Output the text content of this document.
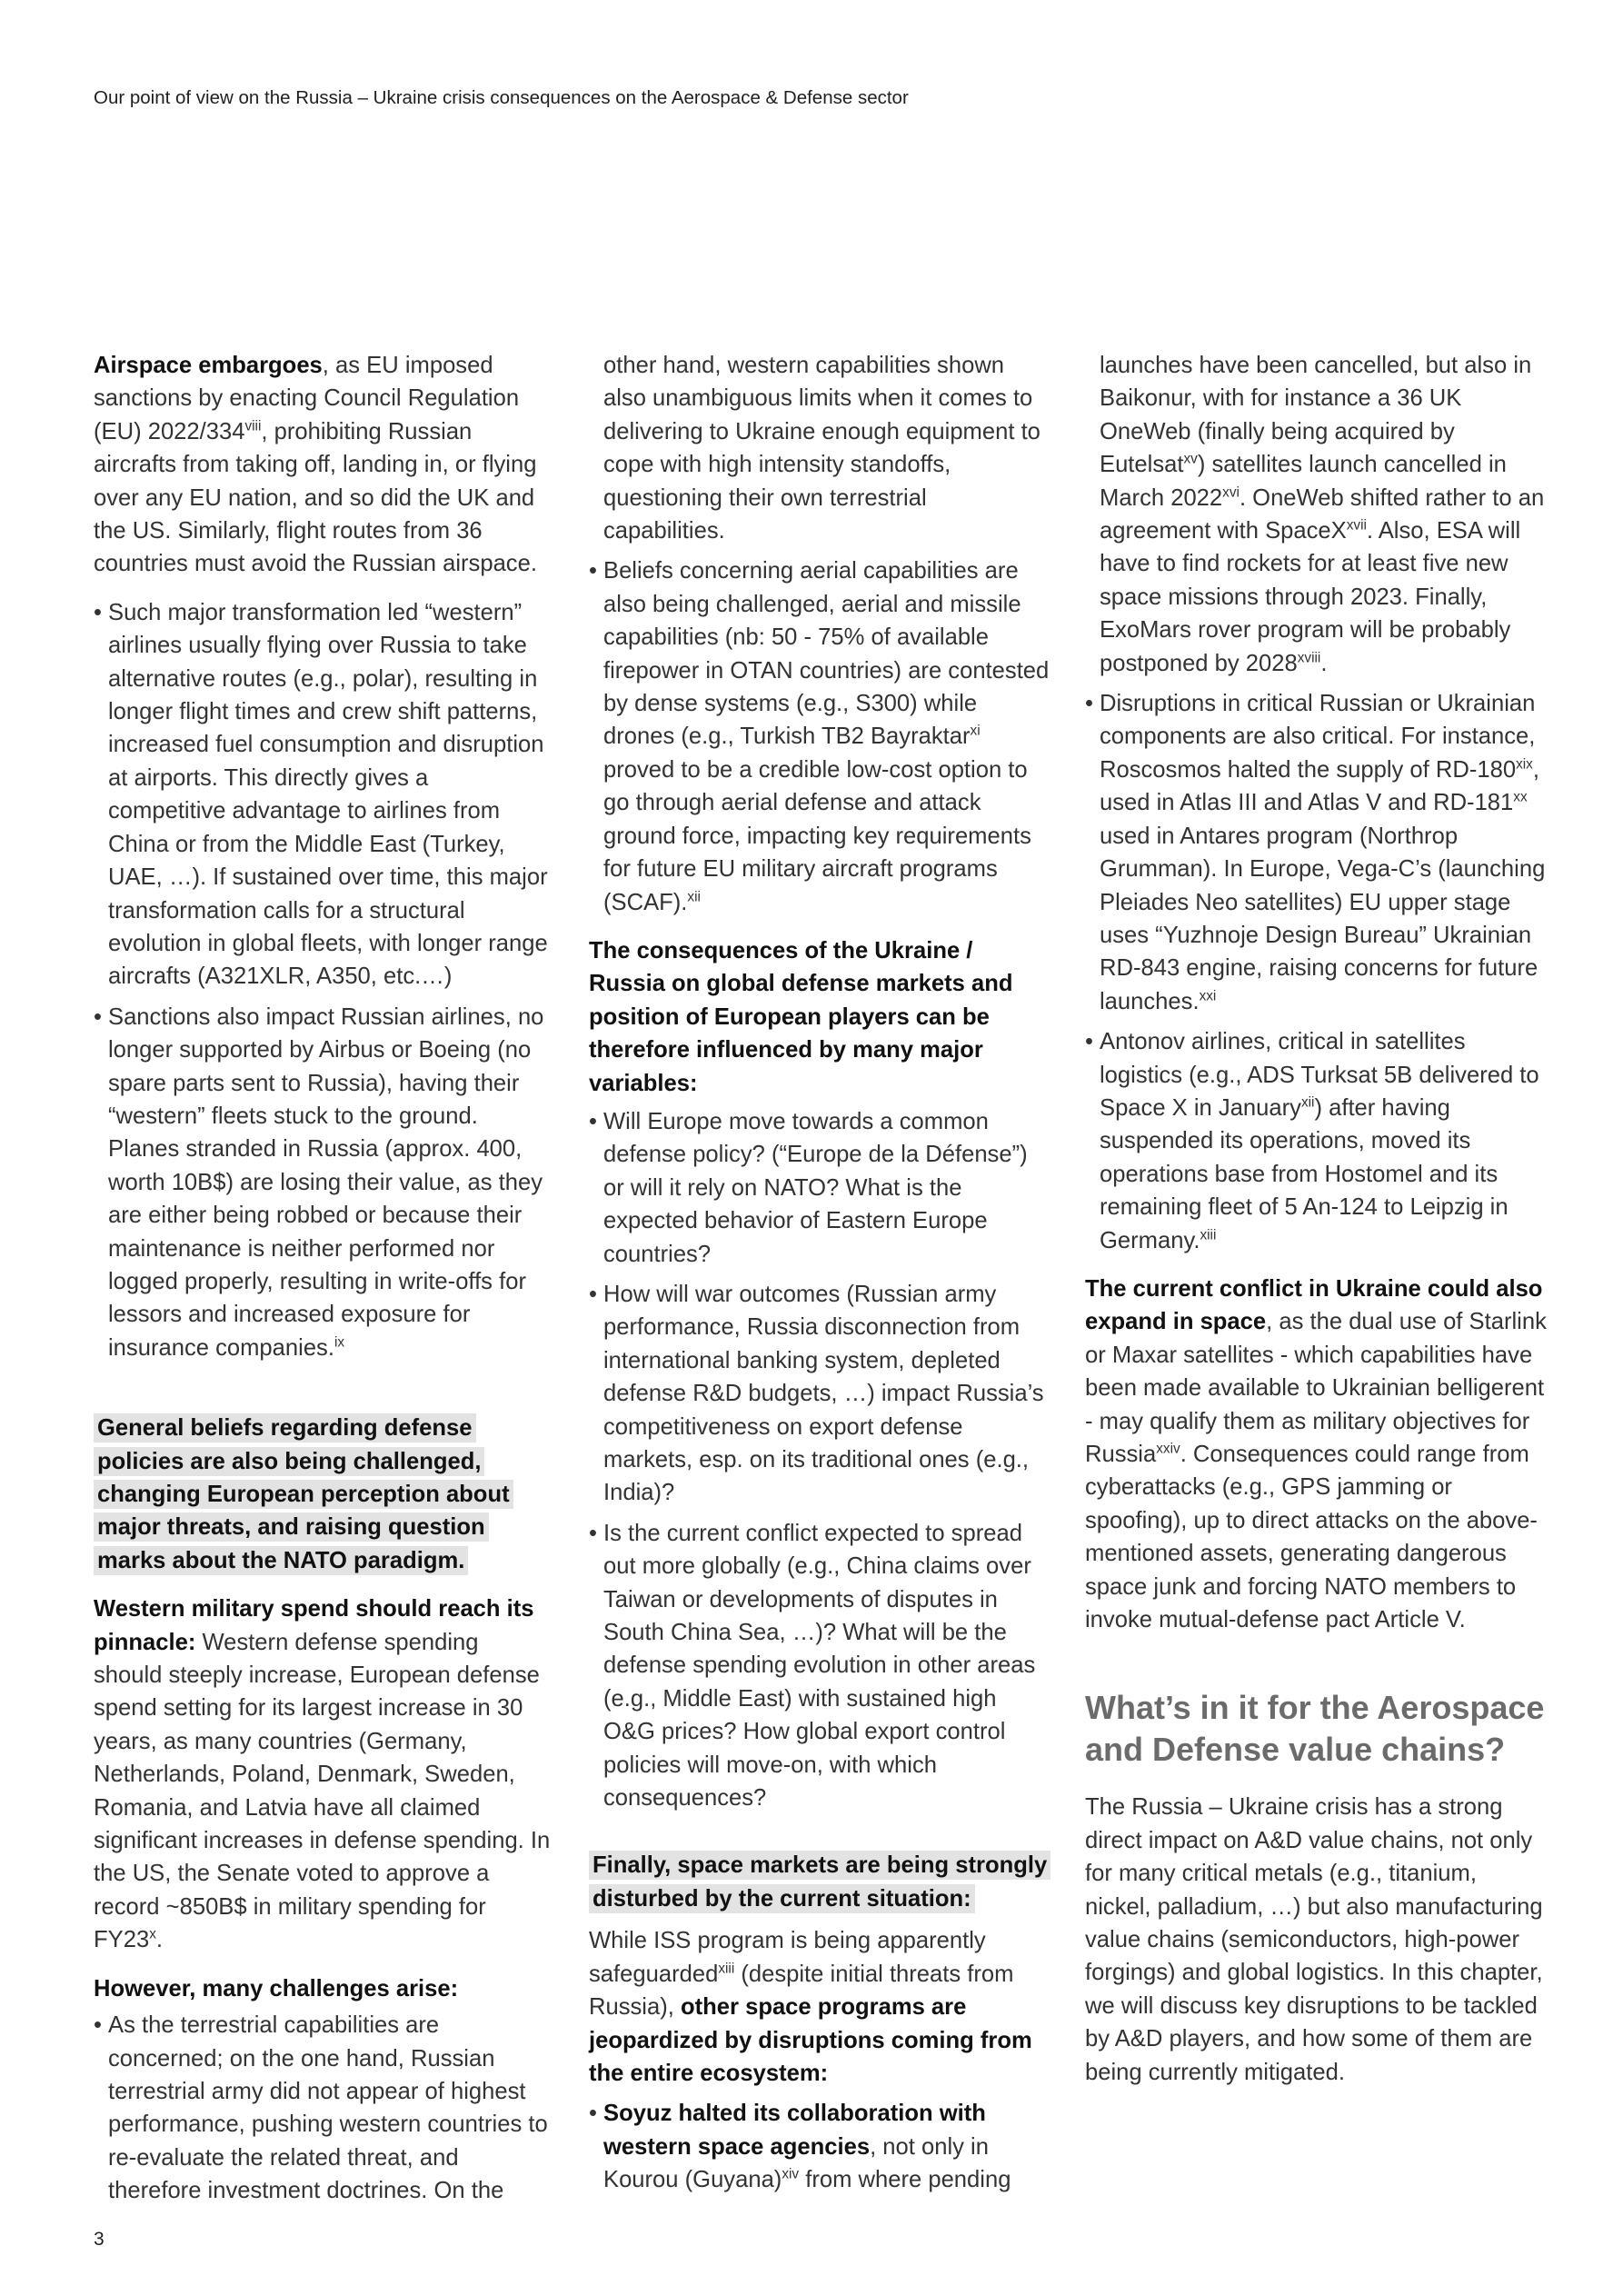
Our point of view on the Russia – Ukraine crisis consequences on the Aerospace & Defense sector

Airspace embargoes, as EU imposed sanctions by enacting Council Regulation (EU) 2022/334$^{viii}$, prohibiting Russian aircrafts from taking off, landing in, or flying over any EU nation, and so did the UK and the US. Similarly, flight routes from 36 countries must avoid the Russian airspace.

• Such major transformation led “western” airlines usually flying over Russia to take alternative routes (e.g., polar), resulting in longer flight times and crew shift patterns, increased fuel consumption and disruption at airports. This directly gives a competitive advantage to airlines from China or from the Middle East (Turkey, UAE, …). If sustained over time, this major transformation calls for a structural evolution in global fleets, with longer range aircrafts (A321XLR, A350, etc.…)
• Sanctions also impact Russian airlines, no longer supported by Airbus or Boeing (no spare parts sent to Russia), having their “western” fleets stuck to the ground. Planes stranded in Russia (approx. 400, worth 10B$) are losing their value, as they are either being robbed or because their maintenance is neither performed nor logged properly, resulting in write-offs for lessors and increased exposure for insurance companies.$^{ix}$

General beliefs regarding defense policies are also being challenged, changing European perception about major threats, and raising question marks about the NATO paradigm.

Western military spend should reach its pinnacle: Western defense spending should steeply increase, European defense spend setting for its largest increase in 30 years, as many countries (Germany, Netherlands, Poland, Denmark, Sweden, Romania, and Latvia have all claimed significant increases in defense spending. In the US, the Senate voted to approve a record ~850B$ in military spending for FY23$^x$.

However, many challenges arise:

• As the terrestrial capabilities are concerned; on the one hand, Russian terrestrial army did not appear of highest performance, pushing western countries to re-evaluate the related threat, and therefore investment doctrines. On the
other hand, western capabilities shown also unambiguous limits when it comes to delivering to Ukraine enough equipment to cope with high intensity standoffs, questioning their own terrestrial capabilities.
• Beliefs concerning aerial capabilities are also being challenged, aerial and missile capabilities (nb: 50 - 75% of available firepower in OTAN countries) are contested by dense systems (e.g., S300) while drones (e.g., Turkish TB2 Bayraktar$^{xi}$ proved to be a credible low-cost option to go through aerial defense and attack ground force, impacting key requirements for future EU military aircraft programs (SCAF).$^{xii}$

The consequences of the Ukraine / Russia on global defense markets and position of European players can be therefore influenced by many major variables:

• Will Europe move towards a common defense policy? (“Europe de la Défense”) or will it rely on NATO? What is the expected behavior of Eastern Europe countries?
• How will war outcomes (Russian army performance, Russia disconnection from international banking system, depleted defense R&D budgets, …) impact Russia’s competitiveness on export defense markets, esp. on its traditional ones (e.g., India)?
• Is the current conflict expected to spread out more globally (e.g., China claims over Taiwan or developments of disputes in South China Sea, …)? What will be the defense spending evolution in other areas (e.g., Middle East) with sustained high O&G prices? How global export control policies will move-on, with which consequences?

Finally, space markets are being strongly disturbed by the current situation:

While ISS program is being apparently safeguarded$^{xiii}$ (despite initial threats from Russia), other space programs are jeopardized by disruptions coming from the entire ecosystem:

• Soyuz halted its collaboration with western space agencies, not only in Kourou (Guyana)$^{xiv}$ from where pending
launches have been cancelled, but also in Baikonur, with for instance a 36 UK OneWeb (finally being acquired by Eutelsat$^{xv}$) satellites launch cancelled in March 2022$^{xvi}$. OneWeb shifted rather to an agreement with SpaceX$^{xvii}$. Also, ESA will have to find rockets for at least five new space missions through 2023. Finally, ExoMars rover program will be probably postponed by $2028^{xviii}$.
• Disruptions in critical Russian or Ukrainian components are also critical. For instance, Roscosmos halted the supply of RD-180$^{xix}$, used in Atlas III and Atlas V and RD-181$^{xx}$ used in Antares program (Northrop Grumman). In Europe, Vega-C’s (launching Pleiades Neo satellites) EU upper stage uses “Yuzhnoje Design Bureau” Ukrainian RD-843 engine, raising concerns for future launches.$^{xxi}$
• Antonov airlines, critical in satellites logistics (e.g., ADS Turksat 5B delivered to Space X in January$^{xii}$) after having suspended its operations, moved its operations base from Hostomel and its remaining fleet of 5 An-124 to Leipzig in Germany.$^{xiii}$

The current conflict in Ukraine could also expand in space, as the dual use of Starlink or Maxar satellites - which capabilities have been made available to Ukrainian belligerent - may qualify them as military objectives for Russia$^{xxiv}$. Consequences could range from cyberattacks (e.g., GPS jamming or spoofing), up to direct attacks on the above-mentioned assets, generating dangerous space junk and forcing NATO members to invoke mutual-defense pact Article V.

What’s in it for the Aerospace and Defense value chains?

The Russia – Ukraine crisis has a strong direct impact on A&D value chains, not only for many critical metals (e.g., titanium, nickel, palladium, …) but also manufacturing value chains (semiconductors, high-power forgings) and global logistics. In this chapter, we will discuss key disruptions to be tackled by A&D players, and how some of them are being currently mitigated.

3
